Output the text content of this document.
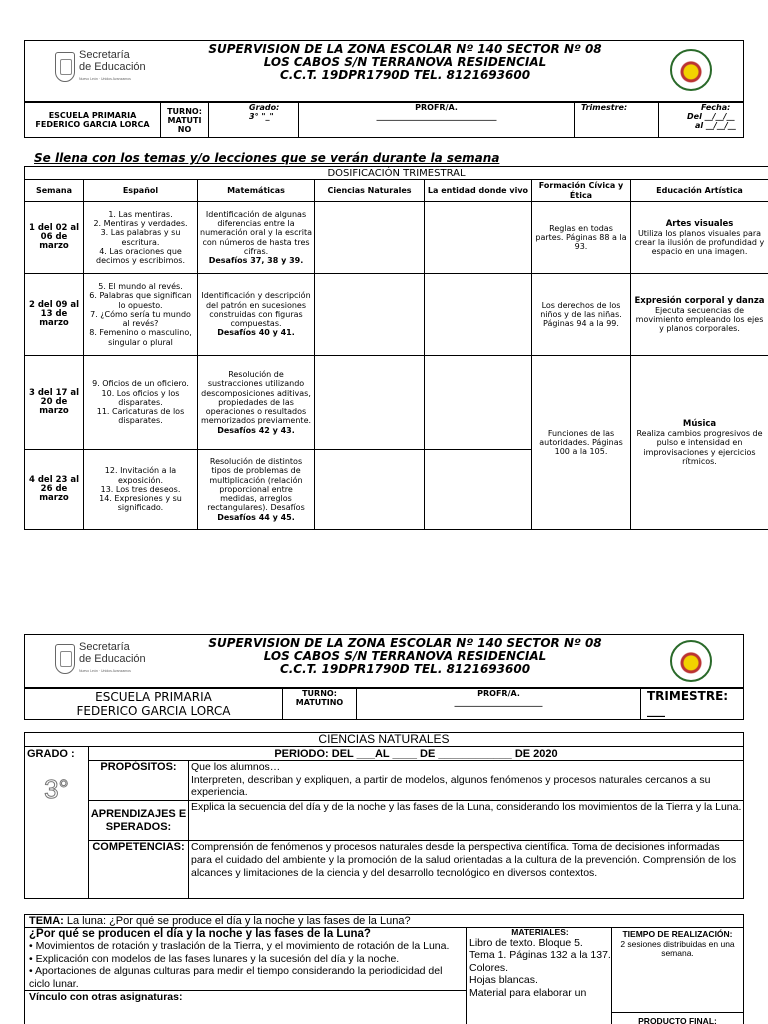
Secretaría
de Educación
Nuevo León · Unidos Avanzamos
SUPERVISION DE LA ZONA ESCOLAR Nº 140 SECTOR Nº 08
LOS CABOS S/N TERRANOVA RESIDENCIAL
C.C.T. 19DPR1790D TEL. 8121693600
ESCUELA PRIMARIA FEDERICO GARCIA LORCA	
TURNO:
MATUTI NO

Grado:
3° "_"

PROFR/A.
______________________________
	Trimestre:	Fecha:
Del __/__/__
al __/__/__
Se llena con los temas y/o lecciones que se verán durante la semana
DOSIFICACIÓN TRIMESTRAL						
Semana	Español	Matemáticas	Ciencias Naturales	La entidad donde vivo	Formación Cívica y Ética	Educación Artística
1 del 02 al 06 de marzo	1. Las mentiras.
2. Mentiras y verdades.
3. Las palabras y su escritura.
4. Las oraciones que decimos y escribimos.	Identificación de algunas diferencias entre la numeración oral y la escrita con números de hasta tres cifras.
Desafíos 37, 38 y 39.			Reglas en todas partes. Páginas 88 a la 93.	Artes visuales
Utiliza los planos visuales para crear la ilusión de profundidad y espacio en una imagen.
2 del 09 al 13 de marzo	5. El mundo al revés.
6. Palabras que significan lo opuesto.
7. ¿Cómo sería tu mundo al revés?
8. Femenino o masculino, singular o plural	Identificación y descripción del patrón en sucesiones construidas con figuras compuestas.
Desafíos 40 y 41.			Los derechos de los niños y de las niñas. Páginas 94 a la 99.	Expresión corporal y danza
Ejecuta secuencias de movimiento empleando los ejes y planos corporales.
3 del 17 al 20 de marzo	9. Oficios de un oficiero.
10. Los oficios y los disparates.
11. Caricaturas de los disparates.	Resolución de sustracciones utilizando descomposiciones aditivas, propiedades de las operaciones o resultados memorizados previamente.
Desafíos 42 y 43.			Funciones de las autoridades. Páginas 100 a la 105.	Música
Realiza cambios progresivos de pulso e intensidad en improvisaciones y ejercicios rítmicos.
4 del 23 al 26 de marzo	12. Invitación a la exposición.
13. Los tres deseos.
14. Expresiones y su significado.	Resolución de distintos tipos de problemas de multiplicación (relación proporcional entre medidas, arreglos rectangulares). Desafíos
Desafíos 44 y 45.				
Secretaría
de Educación
Nuevo León · Unidos Avanzamos
SUPERVISION DE LA ZONA ESCOLAR Nº 140 SECTOR Nº 08
LOS CABOS S/N TERRANOVA RESIDENCIAL
C.C.T. 19DPR1790D TEL. 8121693600
ESCUELA PRIMARIA
FEDERICO GARCIA LORCA

TURNO:
MATUTINO

PROFR/A.
______________________	TRIMESTRE:
___
CIENCIAS NATURALES		

GRADO :
3°	PERIODO: DEL ___AL ____ DE ____________ DE 2020	
	PROPÓSITOS:	Que los alumnos…
Interpreten, describan y expliquen, a partir de modelos, algunos fenómenos y procesos naturales cercanos a su experiencia.
	APRENDIZAJES ESPERADOS:	Explica la secuencia del día y de la noche y las fases de la Luna, considerando los movimientos de la Tierra y la Luna.
	COMPETENCIAS:	Comprensión de fenómenos y procesos naturales desde la perspectiva científica. Toma de decisiones informadas para el cuidado del ambiente y la promoción de la salud orientadas a la cultura de la prevención. Comprensión de los alcances y limitaciones de la ciencia y del desarrollo tecnológico en diversos contextos.
TEMA: La luna: ¿Por qué se produce el día y la noche y las fases de la Luna?

¿Por qué se producen el día y la noche y las fases de la Luna?
• Movimientos de rotación y traslación de la Tierra, y el movimiento de rotación de la Luna.
• Explicación con modelos de las fases lunares y la sucesión del día y la noche.
• Aportaciones de algunas culturas para medir el tiempo considerando la periodicidad del ciclo lunar.
Vínculo con otras asignaturas:

MATERIALES:
Libro de texto. Bloque 5. Tema 1. Páginas 132 a la 137.
Colores.
Hojas blancas.
Material para elaborar un

TIEMPO DE REALIZACIÓN:
2 sesiones distribuidas en una semana.
PRODUCTO FINAL:
